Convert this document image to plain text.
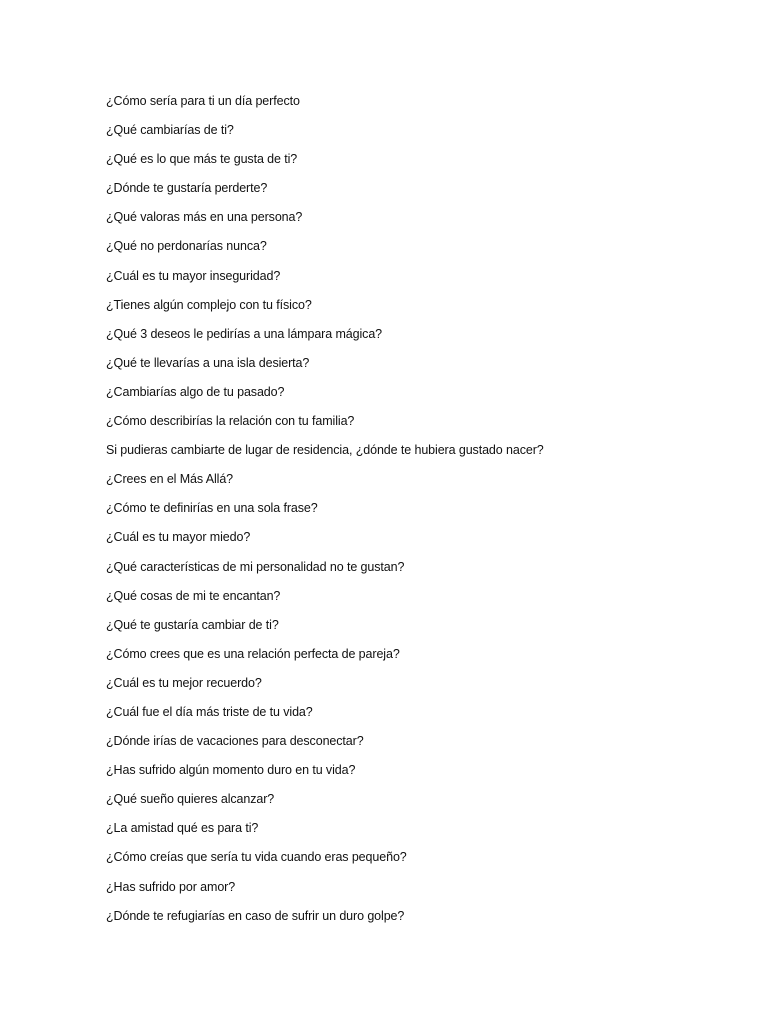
¿Cómo sería para ti un día perfecto
¿Qué cambiarías de ti?
¿Qué es lo que más te gusta de ti?
¿Dónde te gustaría perderte?
¿Qué valoras más en una persona?
¿Qué no perdonarías nunca?
¿Cuál es tu mayor inseguridad?
¿Tienes algún complejo con tu físico?
¿Qué 3 deseos le pedirías a una lámpara mágica?
¿Qué te llevarías a una isla desierta?
¿Cambiarías algo de tu pasado?
¿Cómo describirías la relación con tu familia?
Si pudieras cambiarte de lugar de residencia, ¿dónde te hubiera gustado nacer?
¿Crees en el Más Allá?
¿Cómo te definirías en una sola frase?
¿Cuál es tu mayor miedo?
¿Qué características de mi personalidad no te gustan?
¿Qué cosas de mi te encantan?
¿Qué te gustaría cambiar de ti?
¿Cómo crees que es una relación perfecta de pareja?
¿Cuál es tu mejor recuerdo?
¿Cuál fue el día más triste de tu vida?
¿Dónde irías de vacaciones para desconectar?
¿Has sufrido algún momento duro en tu vida?
¿Qué sueño quieres alcanzar?
¿La amistad qué es para ti?
¿Cómo creías que sería tu vida cuando eras pequeño?
¿Has sufrido por amor?
¿Dónde te refugiarías en caso de sufrir un duro golpe?
